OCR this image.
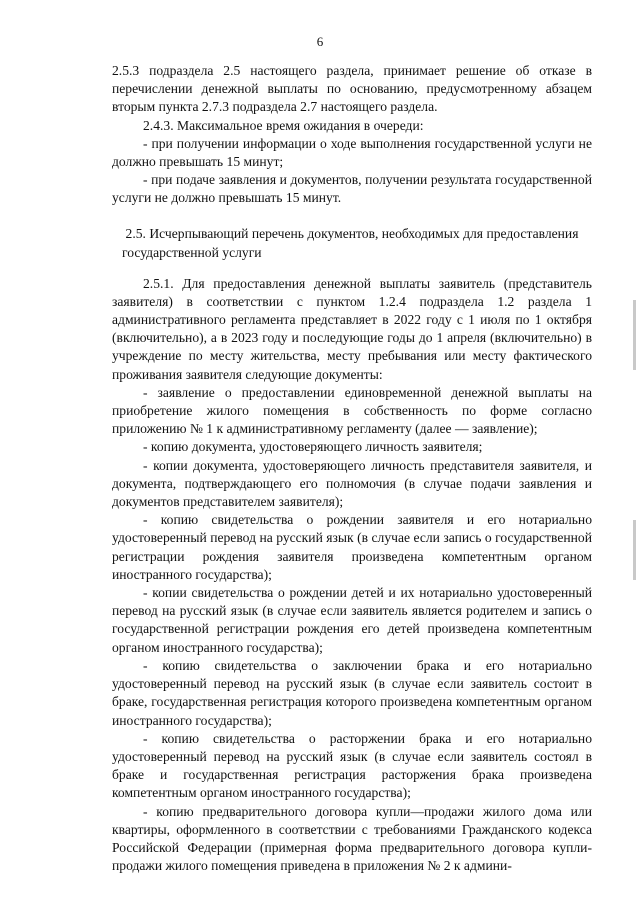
6

2.5.3 подраздела 2.5 настоящего раздела, принимает решение об отказе в перечислении денежной выплаты по основанию, предусмотренному абзацем вторым пункта 2.7.3 подраздела 2.7 настоящего раздела.

2.4.3. Максимальное время ожидания в очереди:

- при получении информации о ходе выполнения государственной услуги не должно превышать 15 минут;

- при подаче заявления и документов, получении результата государственной услуги не должно превышать 15 минут.

2.5. Исчерпывающий перечень документов, необходимых для предоставления государственной услуги

2.5.1. Для предоставления денежной выплаты заявитель (представитель заявителя) в соответствии с пунктом 1.2.4 подраздела 1.2 раздела 1 административного регламента представляет в 2022 году с 1 июля по 1 октября (включительно), а в 2023 году и последующие годы до 1 апреля (включительно) в учреждение по месту жительства, месту пребывания или месту фактического проживания заявителя следующие документы:

- заявление о предоставлении единовременной денежной выплаты на приобретение жилого помещения в собственность по форме согласно приложению № 1 к административному регламенту (далее — заявление);

- копию документа, удостоверяющего личность заявителя;

- копии документа, удостоверяющего личность представителя заявителя, и документа, подтверждающего его полномочия (в случае подачи заявления и документов представителем заявителя);

- копию свидетельства о рождении заявителя и его нотариально удостоверенный перевод на русский язык (в случае если запись о государственной регистрации рождения заявителя произведена компетентным органом иностранного государства);

- копии свидетельства о рождении детей и их нотариально удостоверенный перевод на русский язык (в случае если заявитель является родителем и запись о государственной регистрации рождения его детей произведена компетентным органом иностранного государства);

- копию свидетельства о заключении брака и его нотариально удостоверенный перевод на русский язык (в случае если заявитель состоит в браке, государственная регистрация которого произведена компетентным органом иностранного государства);

- копию свидетельства о расторжении брака и его нотариально удостоверенный перевод на русский язык (в случае если заявитель состоял в браке и государственная регистрация расторжения брака произведена компетентным органом иностранного государства);

- копию предварительного договора купли—продажи жилого дома или квартиры, оформленного в соответствии с требованиями Гражданского кодекса Российской Федерации (примерная форма предварительного договора купли-продажи жилого помещения приведена в приложения № 2 к админи-
